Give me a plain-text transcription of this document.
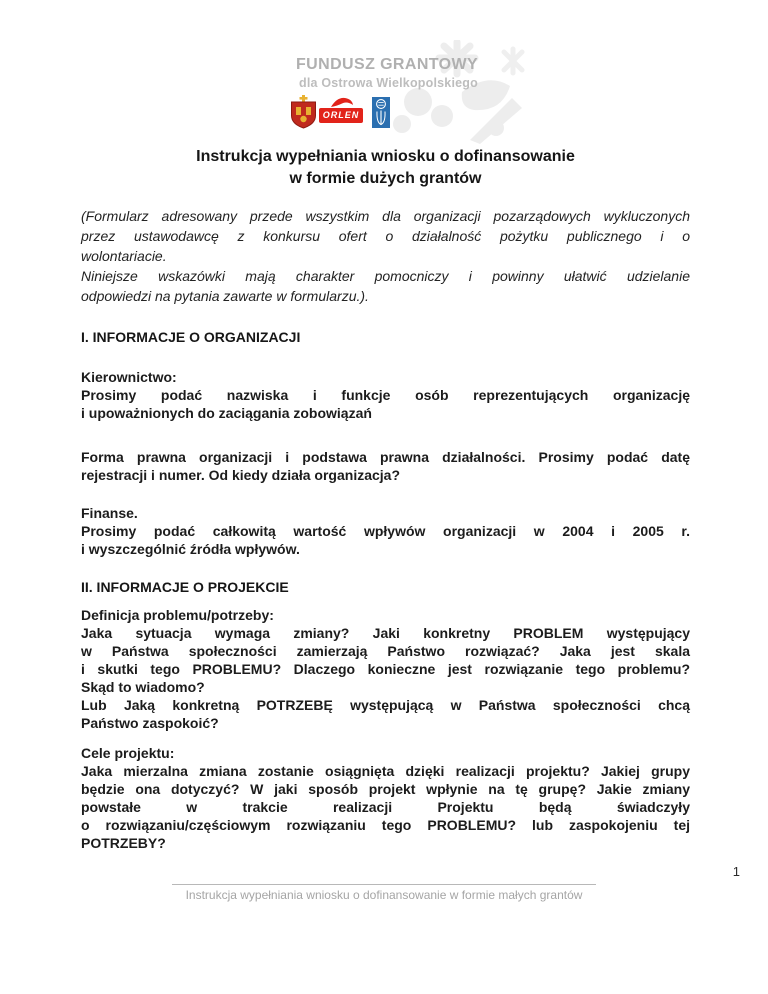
FUNDUSZ GRANTOWY
dla Ostrowa Wielkopolskiego
ORLEN
Instrukcja wypełniania wniosku o dofinansowanie
w formie dużych grantów
(Formularz adresowany przede wszystkim dla organizacji pozarządowych wykluczonych
przez ustawodawcę z konkursu ofert o działalność pożytku publicznego i o
wolontariacie.
Niniejsze wskazówki mają charakter pomocniczy i powinny ułatwić udzielanie
odpowiedzi na pytania zawarte w formularzu.).
I. INFORMACJE O ORGANIZACJI
Kierownictwo:
Prosimy podać nazwiska i funkcje osób reprezentujących organizację
i upoważnionych do zaciągania zobowiązań
Forma prawna organizacji i podstawa prawna działalności. Prosimy podać datę
rejestracji i numer. Od kiedy działa organizacja?
Finanse.
Prosimy podać całkowitą wartość wpływów organizacji w 2004 i 2005 r.
i wyszczególnić źródła wpływów.
II. INFORMACJE O PROJEKCIE
Definicja problemu/potrzeby:
Jaka sytuacja wymaga zmiany? Jaki konkretny PROBLEM występujący
w Państwa społeczności zamierzają Państwo rozwiązać? Jaka jest skala
i skutki tego PROBLEMU? Dlaczego konieczne jest rozwiązanie tego problemu?
Skąd to wiadomo?
Lub Jaką konkretną POTRZEBĘ występującą w Państwa społeczności chcą
Państwo zaspokoić?
Cele projektu:
Jaka mierzalna zmiana zostanie osiągnięta dzięki realizacji projektu? Jakiej grupy
będzie ona dotyczyć? W jaki sposób projekt wpłynie na tę grupę? Jakie zmiany
powstałe w trakcie realizacji Projektu będą świadczyły
o rozwiązaniu/częściowym rozwiązaniu tego PROBLEMU? lub zaspokojeniu tej
POTRZEBY?
Instrukcja wypełniania wniosku o dofinansowanie w formie małych grantów
1
